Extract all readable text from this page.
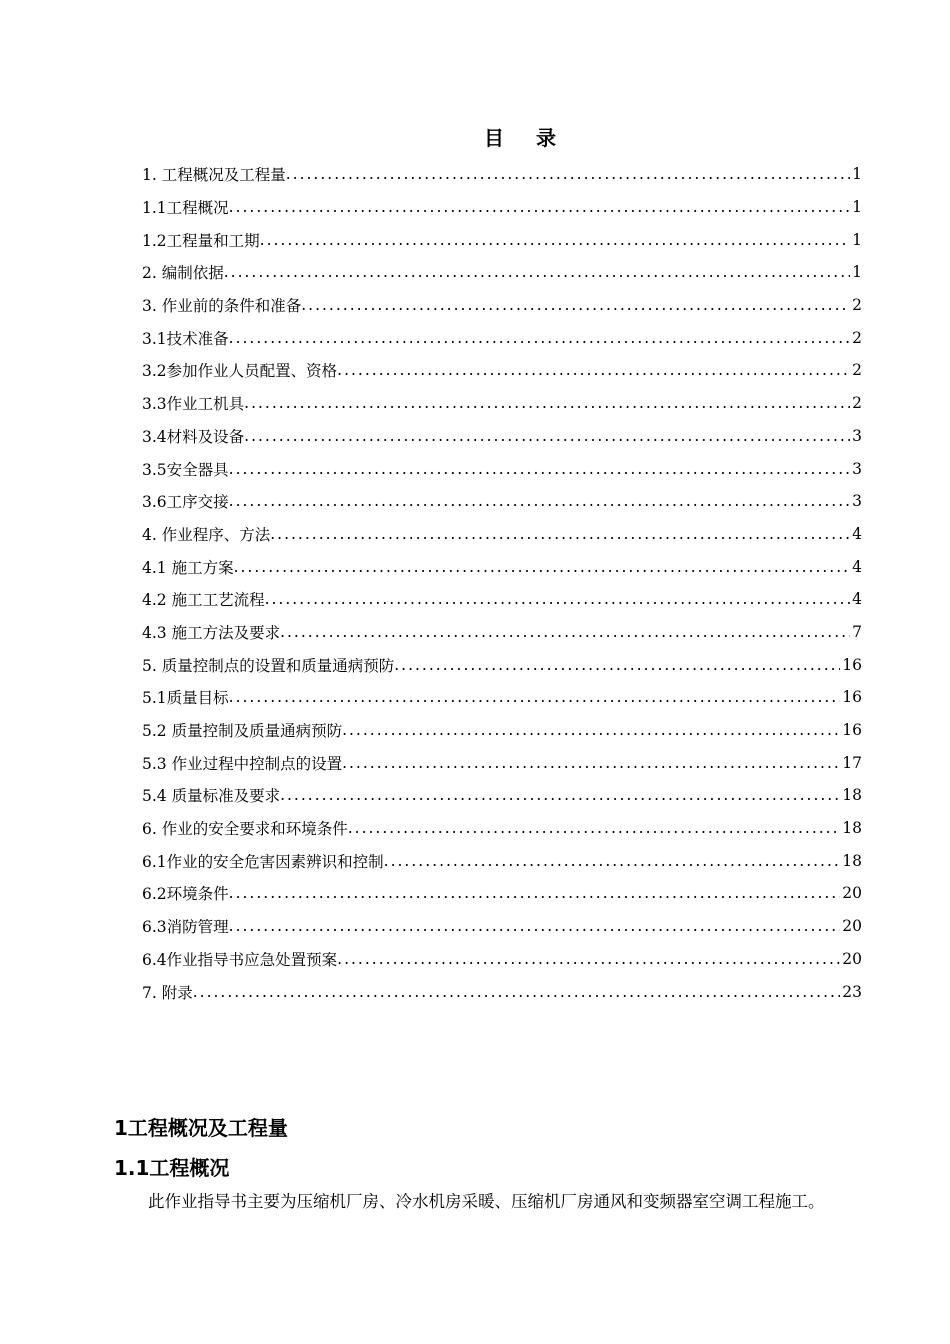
目 录
1. 工程概况及工程量 .....	1
1.1工程概况 .....	1
1.2工程量和工期 .....	1
2. 编制依据 .....	1
3. 作业前的条件和准备 .....	2
3.1技术准备 .....	2
3.2参加作业人员配置、资格 .....	2
3.3作业工机具 .....	2
3.4材料及设备 .....	3
3.5安全器具 .....	3
3.6工序交接 .....	3
4. 作业程序、方法 .....	4
4.1 施工方案 .....	4
4.2 施工工艺流程 .....	4
4.3 施工方法及要求 .....	7
5. 质量控制点的设置和质量通病预防 .....	16
5.1质量目标 .....	16
5.2 质量控制及质量通病预防 .....	16
5.3 作业过程中控制点的设置 .....	17
5.4 质量标准及要求 .....	18
6. 作业的安全要求和环境条件 .....	18
6.1作业的安全危害因素辨识和控制 .....	18
6.2环境条件 .....	20
6.3消防管理 .....	20
6.4作业指导书应急处置预案 .....	20
7. 附录 .....	23
1工程概况及工程量
1.1工程概况
此作业指导书主要为压缩机厂房、冷水机房采暖、压缩机厂房通风和变频器室空调工程施工。
